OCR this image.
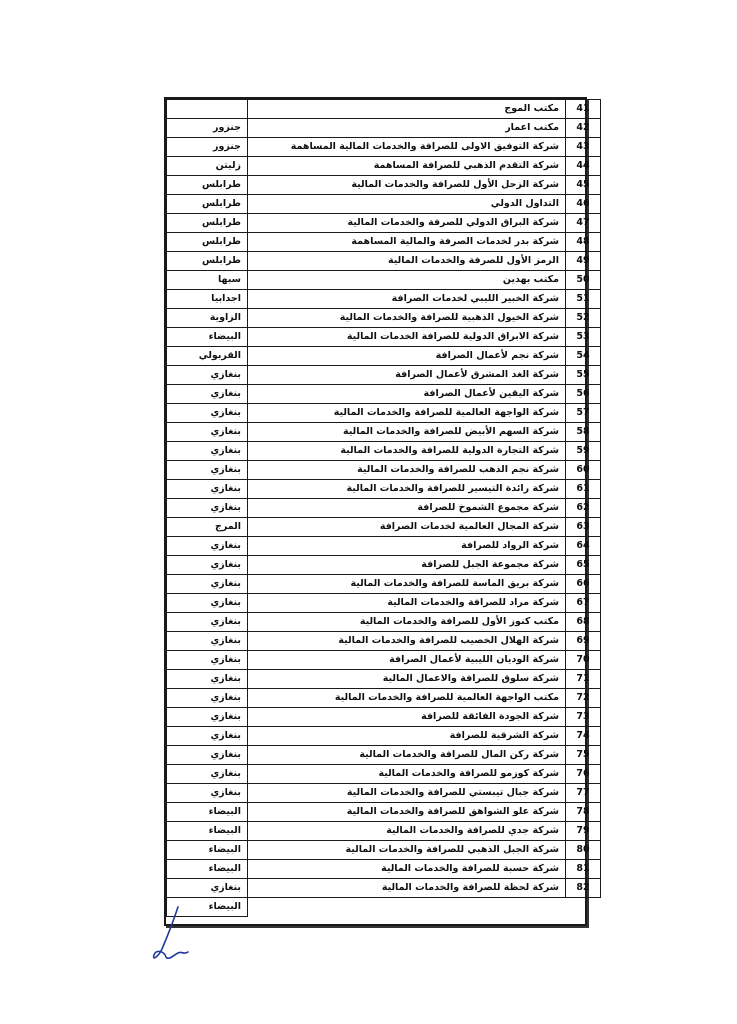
41	مكتب الموج	
42	مكتب اعمار	جنزور
43	شركة التوفيق الاولى للصرافة والخدمات المالية المساهمة	جنزور
44	شركة التقدم الذهبي للصرافة المساهمة	زليتن
45	شركة الزحل الأول للصرافة والخدمات المالية	طرابلس
46	التداول الدولي	طرابلس
47	شركة البراق الدولي للصرفة والخدمات المالية	طرابلس
48	شركة بدر لخدمات الصرفة والمالية المساهمة	طرابلس
49	الرمز الأول للصرفة والخدمات المالية	طرابلس
50	مكتب بهدين	سبها
51	شركة الخبير الليبي لخدمات الصرافة	اجدابيا
52	شركة الخيول الذهبية للصرافة والخدمات المالية	الزاوية
53	شركة الابراق الدولية للصرافة الخدمات المالية	البيضاء
54	شركة نجم لأعمال الصرافة	القربولي
55	شركة الغد المشرق لأعمال الصرافة	بنغازي
56	شركة اليقين لأعمال الصرافة	بنغازي
57	شركة الواجهة العالمية للصرافة والخدمات المالية	بنغازي
58	شركة السهم الأبيض للصرافة والخدمات المالية	بنغازي
59	شركة التجارة الدولية للصرافة والخدمات المالية	بنغازي
60	شركة نجم الذهب للصرافة والخدمات المالية	بنغازي
61	شركة رائدة التيسير للصرافة والخدمات المالية	بنغازي
62	شركة مجموع الشموخ للصرافة	بنغازي
63	شركة المجال العالمية لخدمات الصرافة	المرج
64	شركة الرواد للصرافة	بنغازي
65	شركة مجموعة الجبل للصرافة	بنغازي
66	شركة بريق الماسة للصرافة والخدمات المالية	بنغازي
67	شركة مراد للصرافة والخدمات المالية	بنغازي
68	مكتب كنوز الأول للصرافة والخدمات المالية	بنغازي
69	شركة الهلال الخصيب للصرافة والخدمات المالية	بنغازي
70	شركة الوديان الليبية لأعمال الصرافة	بنغازي
71	شركة سلوق للصرافة والاعمال المالية	بنغازي
72	مكتب الواجهة العالمية للصرافة والخدمات المالية	بنغازي
73	شركة الجودة الفائقة للصرافة	بنغازي
74	شركة الشرقية للصرافة	بنغازي
75	شركة ركن المال للصرافة والخدمات المالية	بنغازي
76	شركة كوزمو للصرافة والخدمات المالية	بنغازي
77	شركة جبال تيبستي للصرافة والخدمات المالية	بنغازي
78	شركة علو الشواهق للصرافة والخدمات المالية	البيضاء
79	شركة جدي للصرافة والخدمات المالية	البيضاء
80	شركة الجبل الذهبي للصرافة والخدمات المالية	البيضاء
81	شركة حسبة للصرافة والخدمات المالية	البيضاء
82	شركة لحظة للصرافة والخدمات المالية	بنغازي
		البيضاء
